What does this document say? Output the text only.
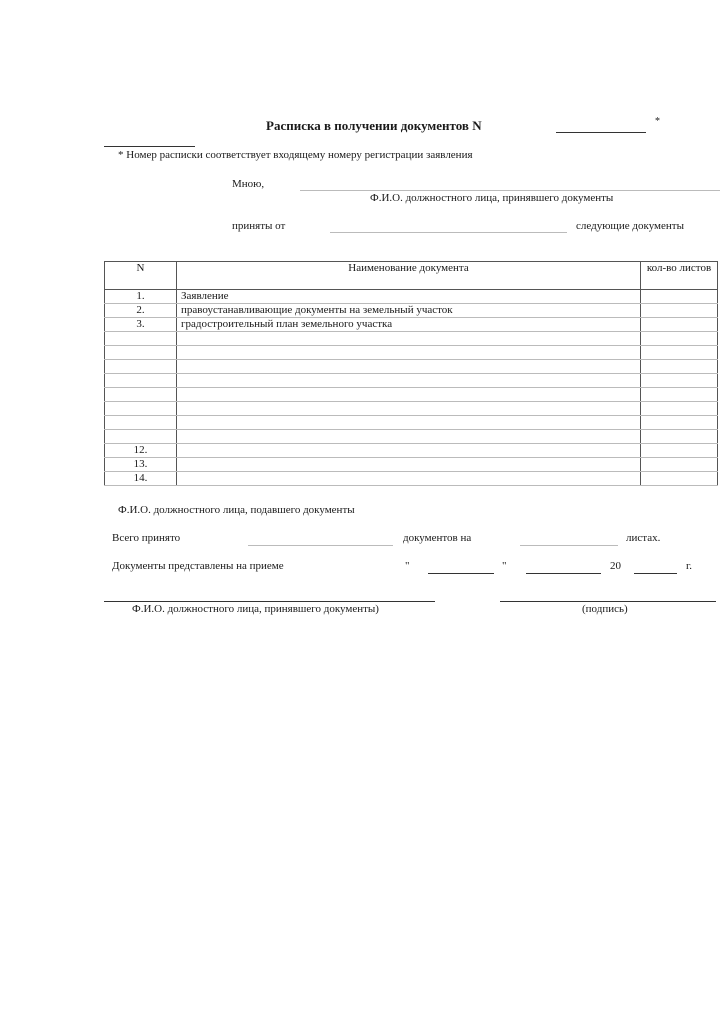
Расписка в получении документов N	*
* Номер расписки соответствует входящему номеру регистрации заявления
Мною,
Ф.И.О. должностного лица, принявшего документы
приняты от	следующие документы
N	Наименование документа	кол-во листов
1.	Заявление	
2.	правоустанавливающие документы на земельный участок	
3.	градостроительный план земельного участка	

12.		
13.		
14.		
Ф.И.О. должностного лица, подавшего документы
Всего принято	документов на	листах.
Документы представлены на приеме	"	"	20	г.
Ф.И.О. должностного лица, принявшего документы)	(подпись)
